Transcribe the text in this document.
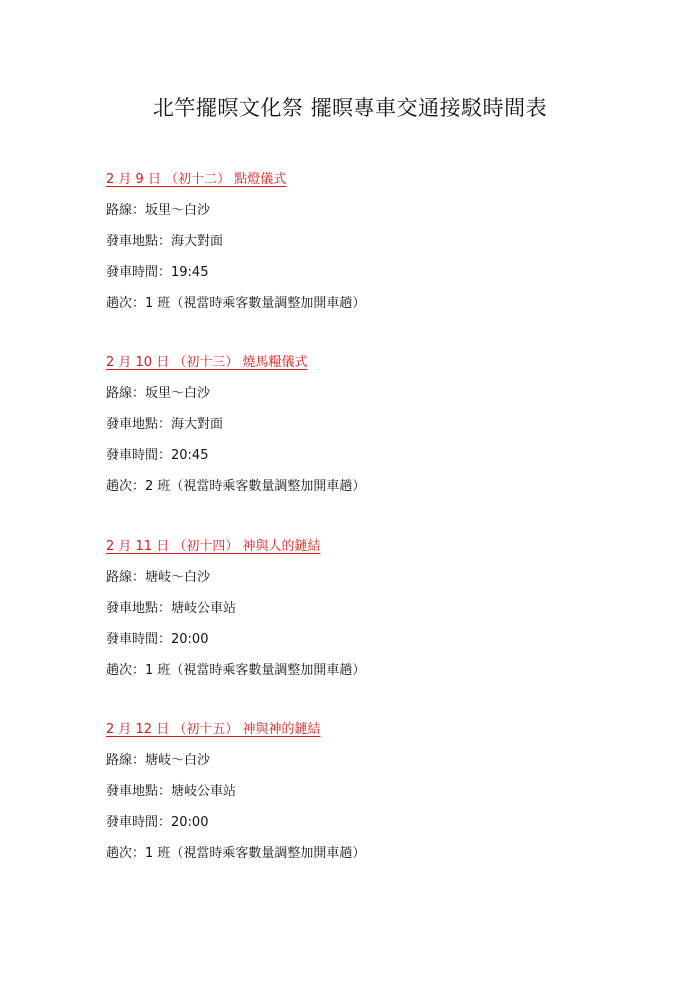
北竿擺暝文化祭 擺暝專車交通接駁時間表
2 月 9 日 （初十二） 點燈儀式
路線：坂里～白沙
發車地點：海大對面
發車時間：19:45
趟次：1 班（視當時乘客數量調整加開車趟）
2 月 10 日 （初十三） 燒馬糧儀式
路線：坂里～白沙
發車地點：海大對面
發車時間：20:45
趟次：2 班（視當時乘客數量調整加開車趟）
2 月 11 日 （初十四） 神與人的鏈結
路線：塘岐～白沙
發車地點：塘岐公車站
發車時間：20:00
趟次：1 班（視當時乘客數量調整加開車趟）
2 月 12 日 （初十五） 神與神的鏈結
路線：塘岐～白沙
發車地點：塘岐公車站
發車時間：20:00
趟次：1 班（視當時乘客數量調整加開車趟）
